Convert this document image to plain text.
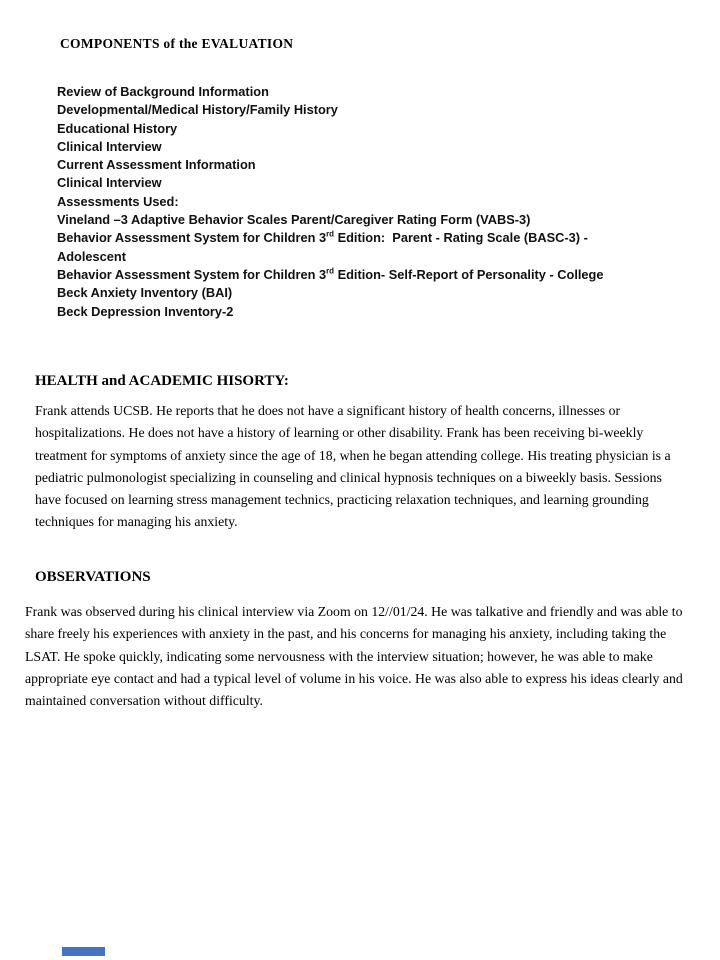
COMPONENTS of the EVALUATION
Review of Background Information
Developmental/Medical History/Family History
Educational History
Clinical Interview
Current Assessment Information
Clinical Interview
Assessments Used:
Vineland –3 Adaptive Behavior Scales Parent/Caregiver Rating Form (VABS-3)
Behavior Assessment System for Children 3rd Edition:  Parent - Rating Scale (BASC-3) - Adolescent
Behavior Assessment System for Children 3rd Edition- Self-Report of Personality - College
Beck Anxiety Inventory (BAI)
Beck Depression Inventory-2
HEALTH and ACADEMIC HISORTY:
Frank attends UCSB. He reports that he does not have a significant history of health concerns, illnesses or hospitalizations. He does not have a history of learning or other disability. Frank has been receiving bi-weekly treatment for symptoms of anxiety since the age of 18, when he began attending college. His treating physician is a pediatric pulmonologist specializing in counseling and clinical hypnosis techniques on a biweekly basis. Sessions have focused on learning stress management technics, practicing relaxation techniques, and learning grounding techniques for managing his anxiety.
OBSERVATIONS
Frank was observed during his clinical interview via Zoom on 12//01/24. He was talkative and friendly and was able to share freely his experiences with anxiety in the past, and his concerns for managing his anxiety, including taking the LSAT. He spoke quickly, indicating some nervousness with the interview situation; however, he was able to make appropriate eye contact and had a typical level of volume in his voice. He was also able to express his ideas clearly and maintained conversation without difficulty.
